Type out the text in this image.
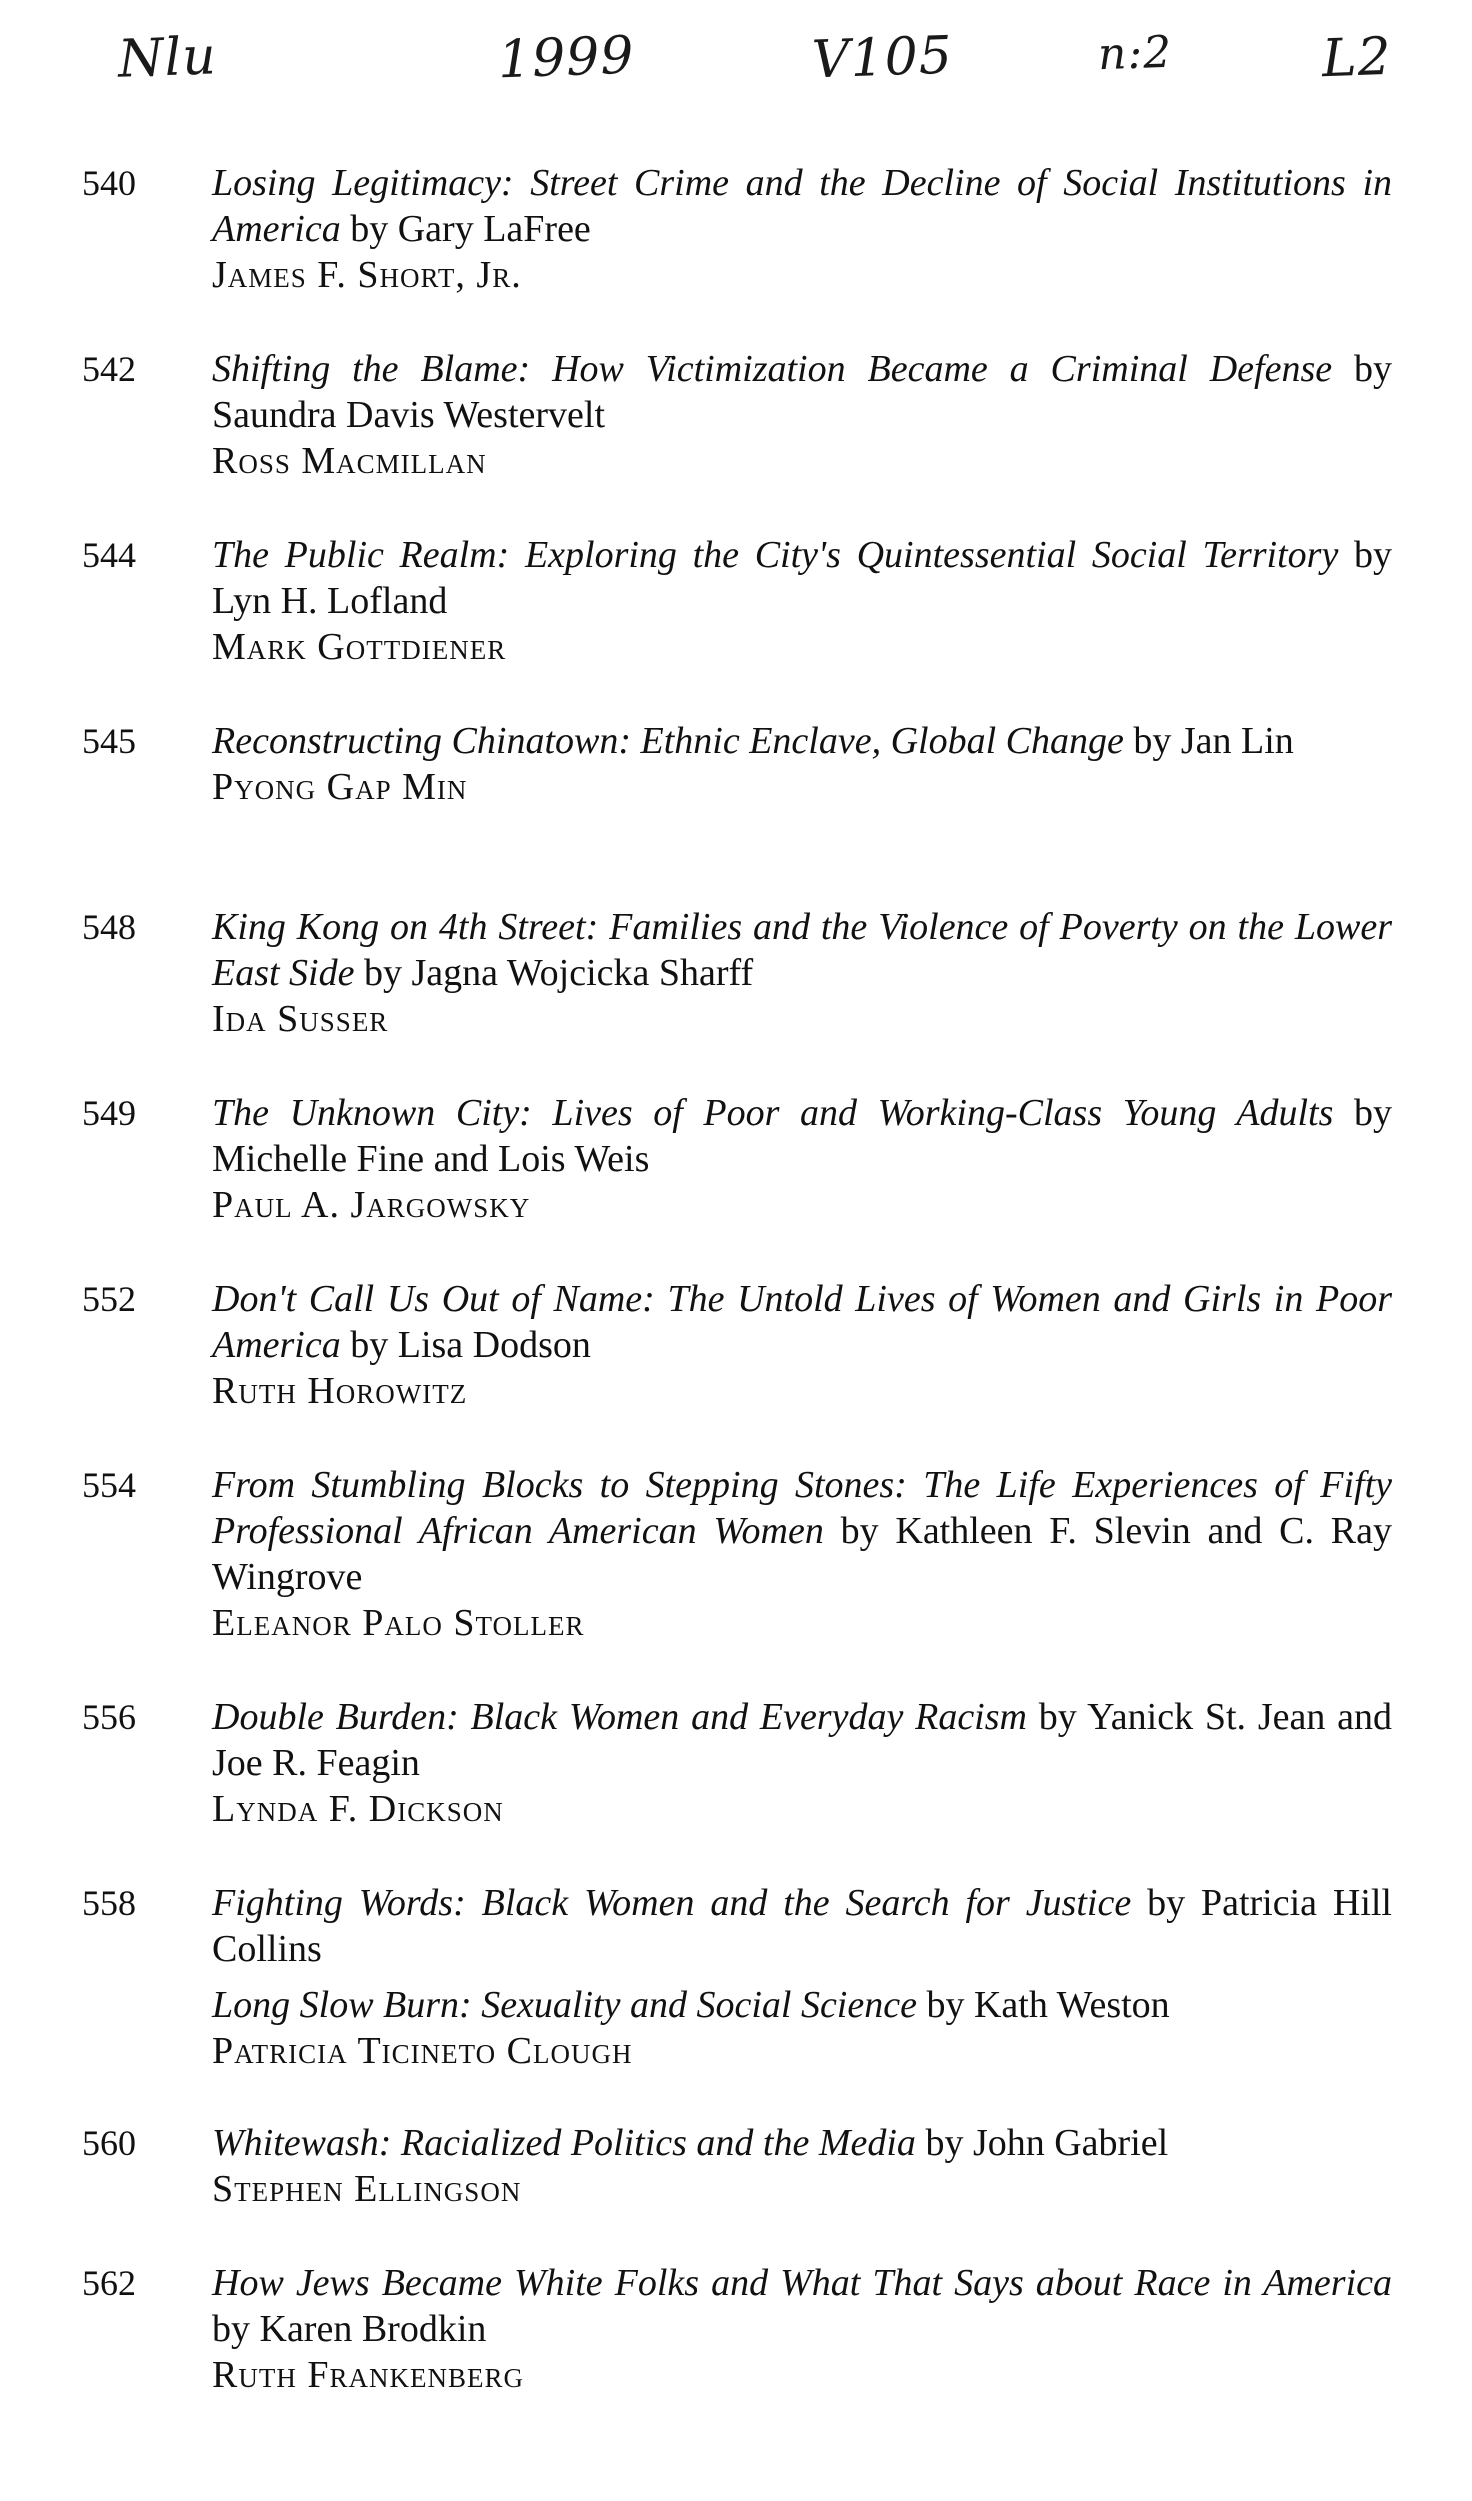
Nlu	1999	V105	n:2	L2
540	Losing Legitimacy: Street Crime and the Decline of Social Institutions in America by Gary LaFree
James F. Short, Jr.
542	Shifting the Blame: How Victimization Became a Criminal Defense by Saundra Davis Westervelt
Ross Macmillan
544	The Public Realm: Exploring the City's Quintessential Social Territory by Lyn H. Lofland
Mark Gottdiener
545	Reconstructing Chinatown: Ethnic Enclave, Global Change by Jan Lin
Pyong Gap Min
548	King Kong on 4th Street: Families and the Violence of Poverty on the Lower East Side by Jagna Wojcicka Sharff
Ida Susser
549	The Unknown City: Lives of Poor and Working-Class Young Adults by Michelle Fine and Lois Weis
Paul A. Jargowsky
552	Don't Call Us Out of Name: The Untold Lives of Women and Girls in Poor America by Lisa Dodson
Ruth Horowitz
554	From Stumbling Blocks to Stepping Stones: The Life Experiences of Fifty Professional African American Women by Kathleen F. Slevin and C. Ray Wingrove
Eleanor Palo Stoller
556	Double Burden: Black Women and Everyday Racism by Yanick St. Jean and Joe R. Feagin
Lynda F. Dickson
558	Fighting Words: Black Women and the Search for Justice by Patricia Hill Collins
Long Slow Burn: Sexuality and Social Science by Kath Weston
Patricia Ticineto Clough
560	Whitewash: Racialized Politics and the Media by John Gabriel
Stephen Ellingson
562	How Jews Became White Folks and What That Says about Race in America by Karen Brodkin
Ruth Frankenberg
